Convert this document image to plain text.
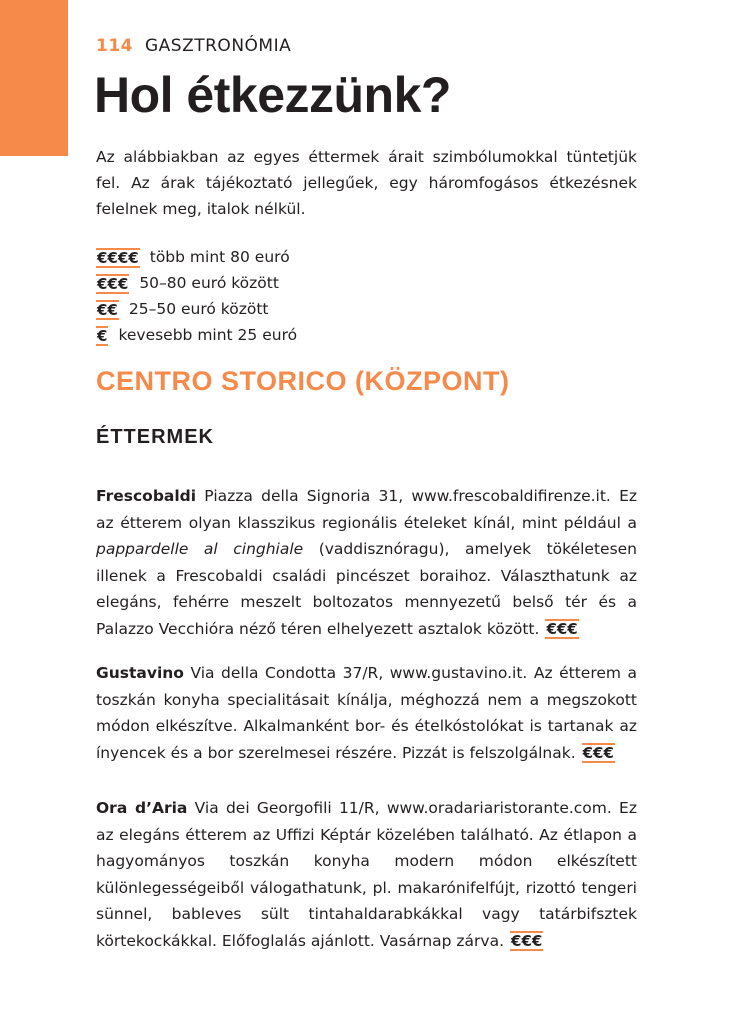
114 GASZTRONÓMIA
Hol étkezzünk?

Az alábbiakban az egyes éttermek árait szimbólumokkal tüntetjük fel. Az árak tájékoztató jellegűek, egy háromfogásos étkezésnek felelnek meg, italok nélkül.

€€€€ több mint 80 euró
€€€ 50–80 euró között
€€ 25–50 euró között
€ kevesebb mint 25 euró
CENTRO STORICO (KÖZPONT)
ÉTTERMEK

Frescobaldi Piazza della Signoria 31, www.frescobaldifirenze.it. Ez az étterem olyan klasszikus regionális ételeket kínál, mint például a pappardelle al cinghiale (vaddisznóragu), amelyek tökéletesen illenek a Frescobaldi családi pincészet boraihoz. Választhatunk az elegáns, fehérre meszelt boltozatos mennyezetű belső tér és a Palazzo Vecchióra néző téren elhelyezett asztalok között. €€€

Gustavino Via della Condotta 37/R, www.gustavino.it. Az étterem a toszkán konyha specialitásait kínálja, méghozzá nem a megszokott módon elkészítve. Alkalmanként bor- és ételkóstolókat is tartanak az ínyencek és a bor szerelmesei részére. Pizzát is felszolgálnak. €€€

Ora d’Aria Via dei Georgofili 11/R, www.oradariaristorante.com. Ez az elegáns étterem az Uffizi Képtár közelében található. Az étlapon a hagyományos toszkán konyha modern módon elkészített különlegességeiből válogathatunk, pl. makarónifelfújt, rizottó tengeri sünnel, bableves sült tintahaldarabkákkal vagy tatárbifsztek körtekockákkal. Előfoglalás ajánlott. Vasárnap zárva. €€€
